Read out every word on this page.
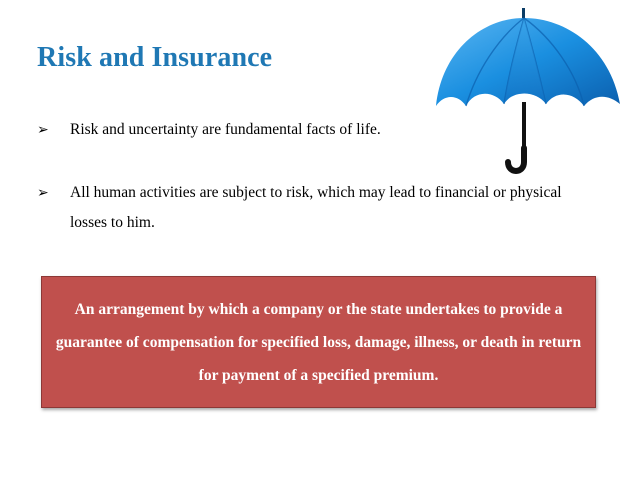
Risk and Insurance
➢ Risk and uncertainty are fundamental facts of life.
➢ All human activities are subject to risk, which may lead to financial or physical losses to him.
An arrangement by which a company or the state undertakes to provide a guarantee of compensation for specified loss, damage, illness, or death in return for payment of a specified premium.
